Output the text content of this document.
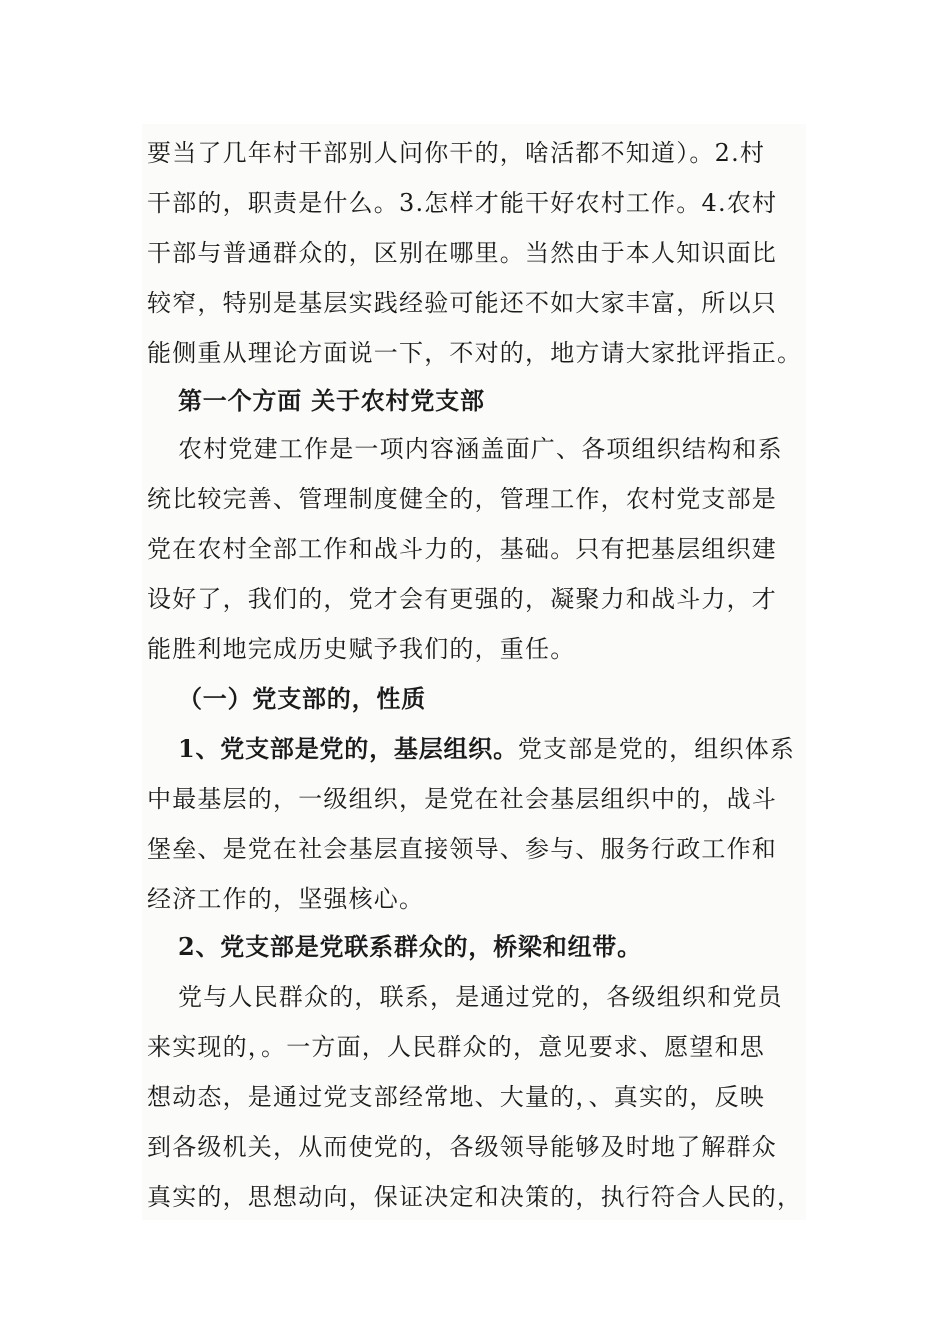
要当了几年村干部别人问你干的，啥活都不知道）。2.村
干部的，职责是什么。3.怎样才能干好农村工作。4.农村
干部与普通群众的，区别在哪里。当然由于本人知识面比
较窄，特别是基层实践经验可能还不如大家丰富，所以只
能侧重从理论方面说一下，不对的，地方请大家批评指正。
第一个方面 关于农村党支部
农村党建工作是一项内容涵盖面广、各项组织结构和系
统比较完善、管理制度健全的，管理工作，农村党支部是
党在农村全部工作和战斗力的，基础。只有把基层组织建
设好了，我们的，党才会有更强的，凝聚力和战斗力，才
能胜利地完成历史赋予我们的，重任。
（一）党支部的，性质
1、党支部是党的，基层组织。党支部是党的，组织体系
中最基层的，一级组织，是党在社会基层组织中的，战斗
堡垒、是党在社会基层直接领导、参与、服务行政工作和
经济工作的，坚强核心。
2、党支部是党联系群众的，桥梁和纽带。
党与人民群众的，联系，是通过党的，各级组织和党员
来实现的，。一方面，人民群众的，意见要求、愿望和思
想动态，是通过党支部经常地、大量的，、真实的，反映
到各级机关，从而使党的，各级领导能够及时地了解群众
真实的，思想动向，保证决定和决策的，执行符合人民的，
